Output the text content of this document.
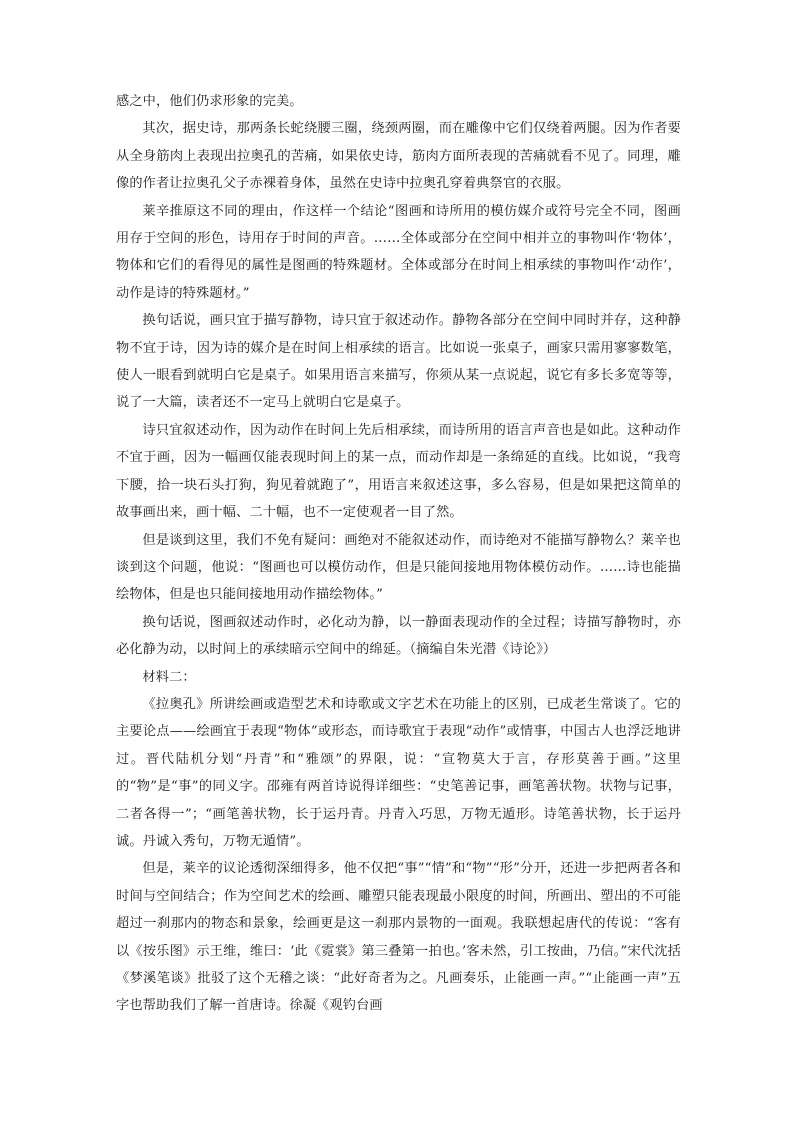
感之中，他们仍求形象的完美。

其次，据史诗，那两条长蛇绕腰三圈，绕颈两圈，而在雕像中它们仅绕着两腿。因为作者要从全身筋肉上表现出拉奥孔的苦痛，如果依史诗，筋肉方面所表现的苦痛就看不见了。同理，雕像的作者让拉奥孔父子赤裸着身体，虽然在史诗中拉奥孔穿着典祭官的衣服。

莱辛推原这不同的理由，作这样一个结论“图画和诗所用的模仿媒介或符号完全不同，图画用存于空间的形色，诗用存于时间的声音。……全体或部分在空间中相并立的事物叫作‘物体’，物体和它们的看得见的属性是图画的特殊题材。全体或部分在时间上相承续的事物叫作‘动作’，动作是诗的特殊题材。”

换句话说，画只宜于描写静物，诗只宜于叙述动作。静物各部分在空间中同时并存，这种静物不宜于诗，因为诗的媒介是在时间上相承续的语言。比如说一张桌子，画家只需用寥寥数笔，使人一眼看到就明白它是桌子。如果用语言来描写，你须从某一点说起，说它有多长多宽等等，说了一大篇，读者还不一定马上就明白它是桌子。

诗只宜叙述动作，因为动作在时间上先后相承续，而诗所用的语言声音也是如此。这种动作不宜于画，因为一幅画仅能表现时间上的某一点，而动作却是一条绵延的直线。比如说，“我弯下腰，拾一块石头打狗，狗见着就跑了”，用语言来叙述这事，多么容易，但是如果把这简单的故事画出来，画十幅、二十幅，也不一定使观者一目了然。

但是谈到这里，我们不免有疑问：画绝对不能叙述动作，而诗绝对不能描写静物么？莱辛也谈到这个问题，他说：“图画也可以模仿动作，但是只能间接地用物体模仿动作。……诗也能描绘物体，但是也只能间接地用动作描绘物体。”

换句话说，图画叙述动作时，必化动为静，以一静面表现动作的全过程；诗描写静物时，亦必化静为动，以时间上的承续暗示空间中的绵延。（摘编自朱光潜《诗论》）

材料二：

《拉奥孔》所讲绘画或造型艺术和诗歌或文字艺术在功能上的区别，已成老生常谈了。它的主要论点——绘画宜于表现“物体”或形态，而诗歌宜于表现“动作”或情事，中国古人也浮泛地讲过。晋代陆机分划“丹青”和“雅颂”的界限，说：“宣物莫大于言，存形莫善于画。”这里的“物”是“事”的同义字。邵雍有两首诗说得详细些：“史笔善记事，画笔善状物。状物与记事，二者各得一”；“画笔善状物，长于运丹青。丹青入巧思，万物无遁形。诗笔善状物，长于运丹诚。丹诚入秀句，万物无遁情”。

但是，莱辛的议论透彻深细得多，他不仅把“事”“情”和“物”“形”分开，还进一步把两者各和时间与空间结合；作为空间艺术的绘画、雕塑只能表现最小限度的时间，所画出、塑出的不可能超过一刹那内的物态和景象，绘画更是这一刹那内景物的一面观。我联想起唐代的传说：“客有以《按乐图》示王维，维曰：‘此《霓裳》第三叠第一拍也。’客未然，引工按曲，乃信。”宋代沈括《梦溪笔谈》批驳了这个无稽之谈：“此好奇者为之。凡画奏乐，止能画一声。”“止能画一声”五字也帮助我们了解一首唐诗。徐凝《观钓台画
